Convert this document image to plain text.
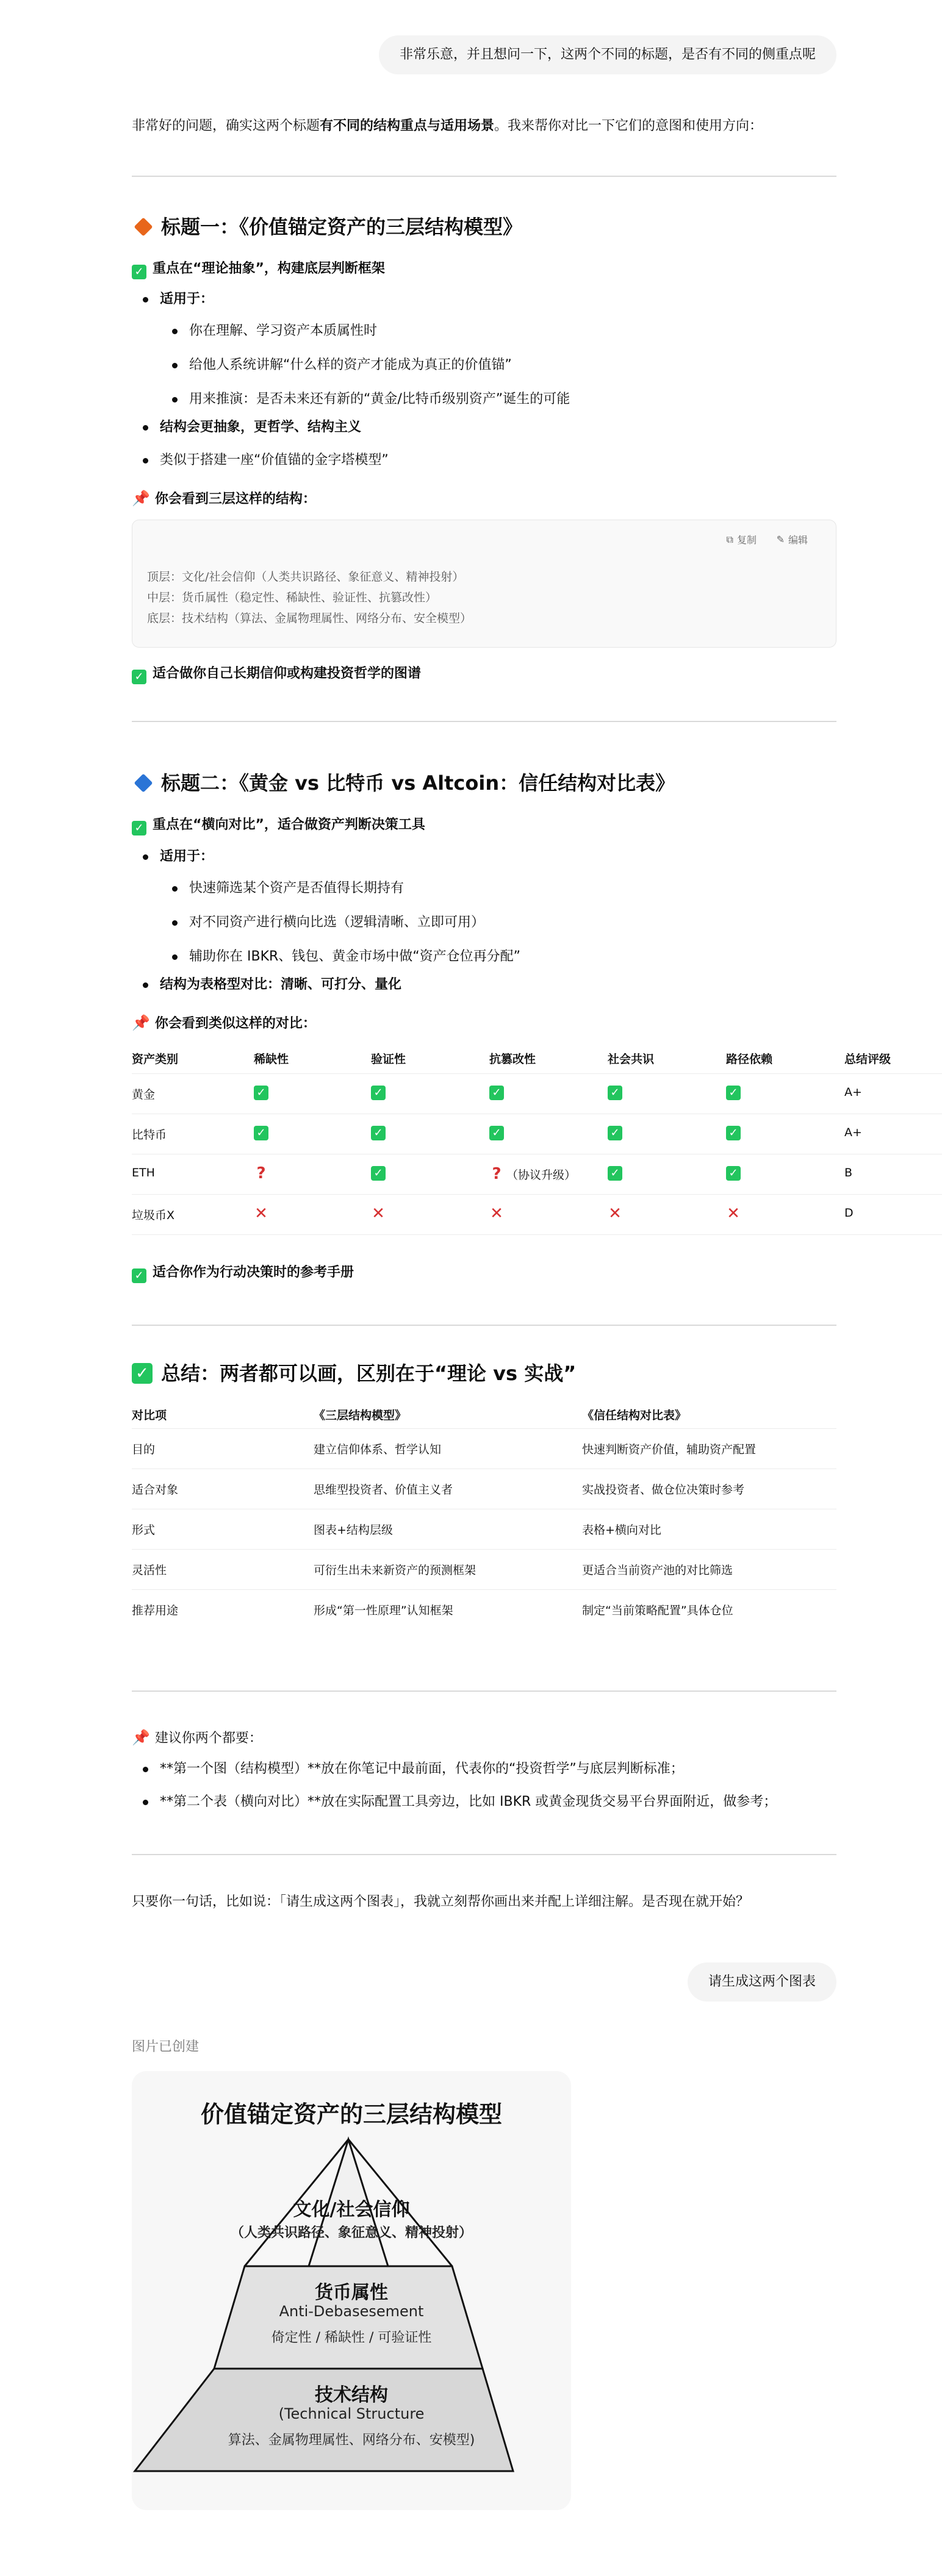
非常乐意，并且想问一下，这两个不同的标题，是否有不同的侧重点呢
非常好的问题，确实这两个标题有不同的结构重点与适用场景。我来帮你对比一下它们的意图和使用方向：
标题一：《价值锚定资产的三层结构模型》
✓ 重点在“理论抽象”，构建底层判断框架
适用于：
你在理解、学习资产本质属性时
给他人系统讲解“什么样的资产才能成为真正的价值锚”
用来推演：是否未来还有新的“黄金/比特币级别资产”诞生的可能
结构会更抽象，更哲学、结构主义
类似于搭建一座“价值锚的金字塔模型”
📌 你会看到三层这样的结构：
⧉ 复制 ✎ 编辑
顶层：文化/社会信仰（人类共识路径、象征意义、精神投射）
中层：货币属性（稳定性、稀缺性、验证性、抗篡改性）
底层：技术结构（算法、金属物理属性、网络分布、安全模型）
✓ 适合做你自己长期信仰或构建投资哲学的图谱
标题二：《黄金 vs 比特币 vs Altcoin：信任结构对比表》
✓ 重点在“横向对比”，适合做资产判断决策工具
适用于：
快速筛选某个资产是否值得长期持有
对不同资产进行横向比选（逻辑清晰、立即可用）
辅助你在 IBKR、钱包、黄金市场中做“资产仓位再分配”
结构为表格型对比：清晰、可打分、量化
📌 你会看到类似这样的对比：
资产类别	稀缺性	验证性	抗篡改性	社会共识	路径依赖	总结评级
黄金	✓	✓	✓	✓	✓	A+
比特币	✓	✓	✓	✓	✓	A+
ETH	?	✓	? （协议升级）	✓	✓	B
垃圾币X	✕	✕	✕	✕	✕	D
✓ 适合你作为行动决策时的参考手册
✓ 总结：两者都可以画，区别在于“理论 vs 实战”
对比项	《三层结构模型》	《信任结构对比表》
目的	建立信仰体系、哲学认知	快速判断资产价值，辅助资产配置
适合对象	思维型投资者、价值主义者	实战投资者、做仓位决策时参考
形式	图表+结构层级	表格+横向对比
灵活性	可衍生出未来新资产的预测框架	更适合当前资产池的对比筛选
推荐用途	形成“第一性原理”认知框架	制定“当前策略配置”具体仓位
📌 建议你两个都要：
**第一个图（结构模型）**放在你笔记中最前面，代表你的“投资哲学”与底层判断标准；
**第二个表（横向对比）**放在实际配置工具旁边，比如 IBKR 或黄金现货交易平台界面附近，做参考；
只要你一句话，比如说：「请生成这两个图表」，我就立刻帮你画出来并配上详细注解。是否现在就开始？
请生成这两个图表
图片已创建
价值锚定资产的三层结构模型
文化/社会信仰
（人类共识路径、象征意义、精神投射）
货币属性
Anti-Debasesement
倚定性 / 稀缺性 / 可验证性
技术结构
(Technical Structure
算法、金属物理属性、网络分布、安模型)
